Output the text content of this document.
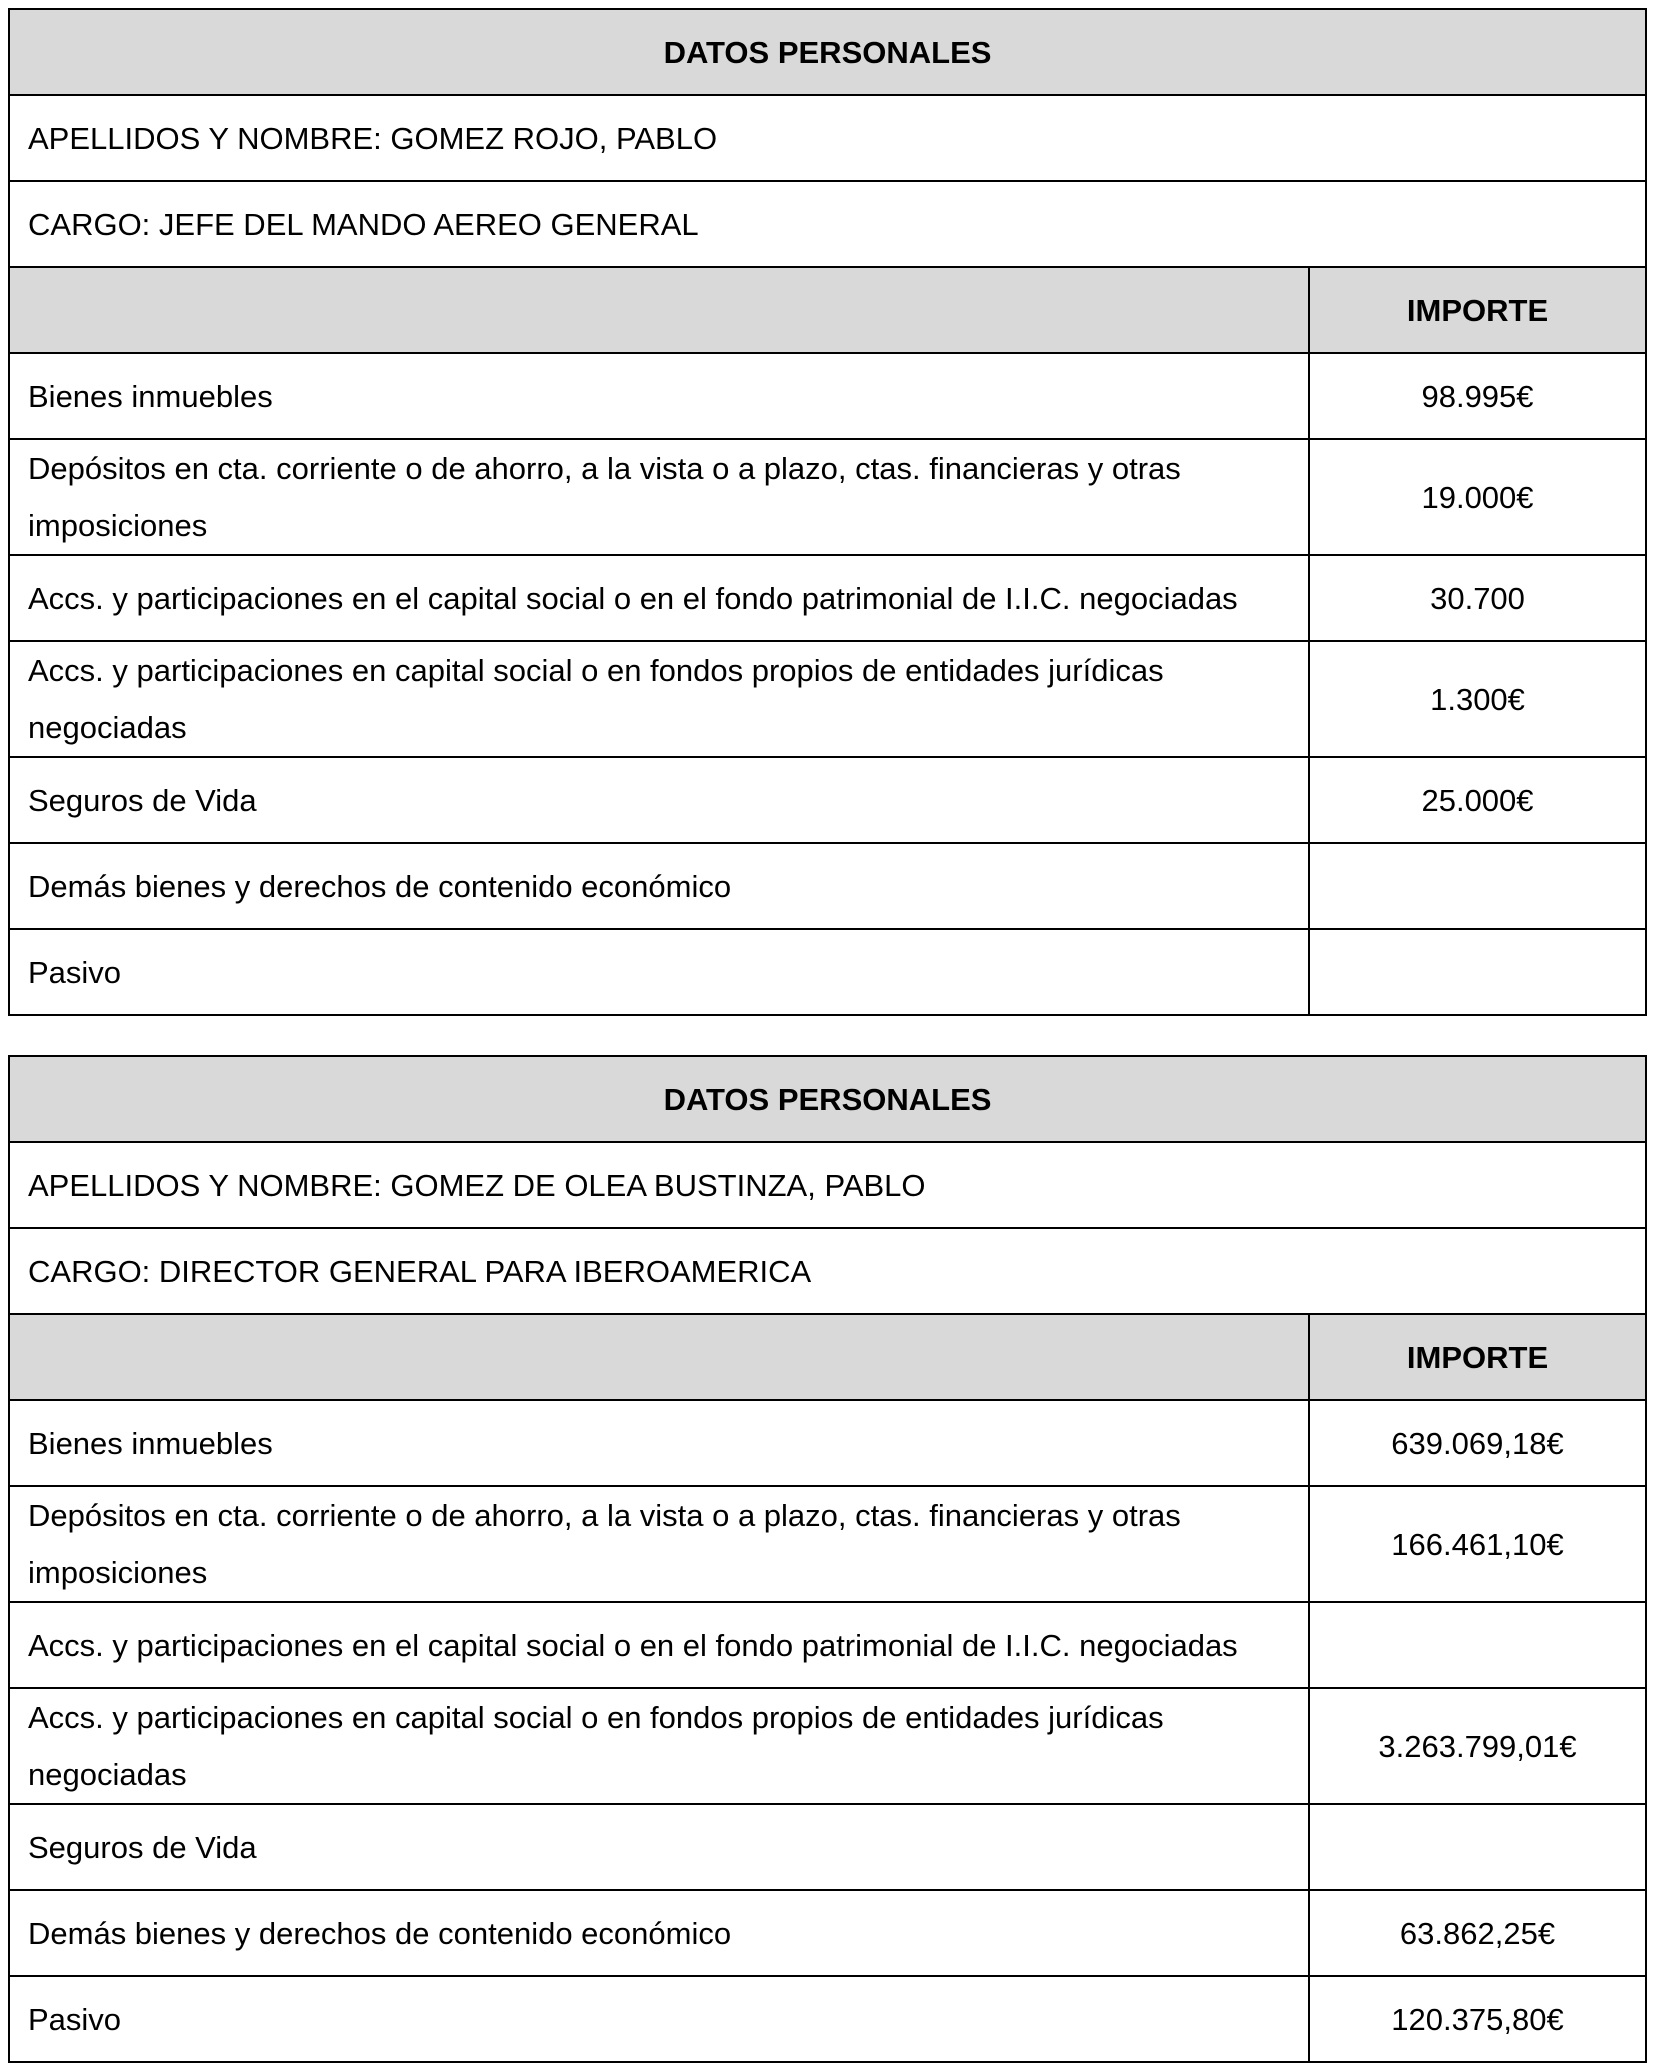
DATOS PERSONALES	
APELLIDOS Y NOMBRE: GOMEZ ROJO, PABLO	
CARGO: JEFE DEL MANDO AEREO GENERAL	
	IMPORTE
Bienes inmuebles	98.995€
Depósitos en cta. corriente o de ahorro, a la vista o a plazo, ctas. financieras y otras imposiciones	19.000€
Accs. y participaciones en el capital social o en el fondo patrimonial de I.I.C. negociadas	30.700
Accs. y participaciones en capital social o en fondos propios de entidades jurídicas negociadas	1.300€
Seguros de Vida	25.000€
Demás bienes y derechos de contenido económico	
Pasivo	
DATOS PERSONALES	
APELLIDOS Y NOMBRE: GOMEZ DE OLEA BUSTINZA, PABLO	
CARGO: DIRECTOR GENERAL PARA IBEROAMERICA	
	IMPORTE
Bienes inmuebles	639.069,18€
Depósitos en cta. corriente o de ahorro, a la vista o a plazo, ctas. financieras y otras imposiciones	166.461,10€
Accs. y participaciones en el capital social o en el fondo patrimonial de I.I.C. negociadas	
Accs. y participaciones en capital social o en fondos propios de entidades jurídicas negociadas	3.263.799,01€
Seguros de Vida	
Demás bienes y derechos de contenido económico	63.862,25€
Pasivo	120.375,80€
